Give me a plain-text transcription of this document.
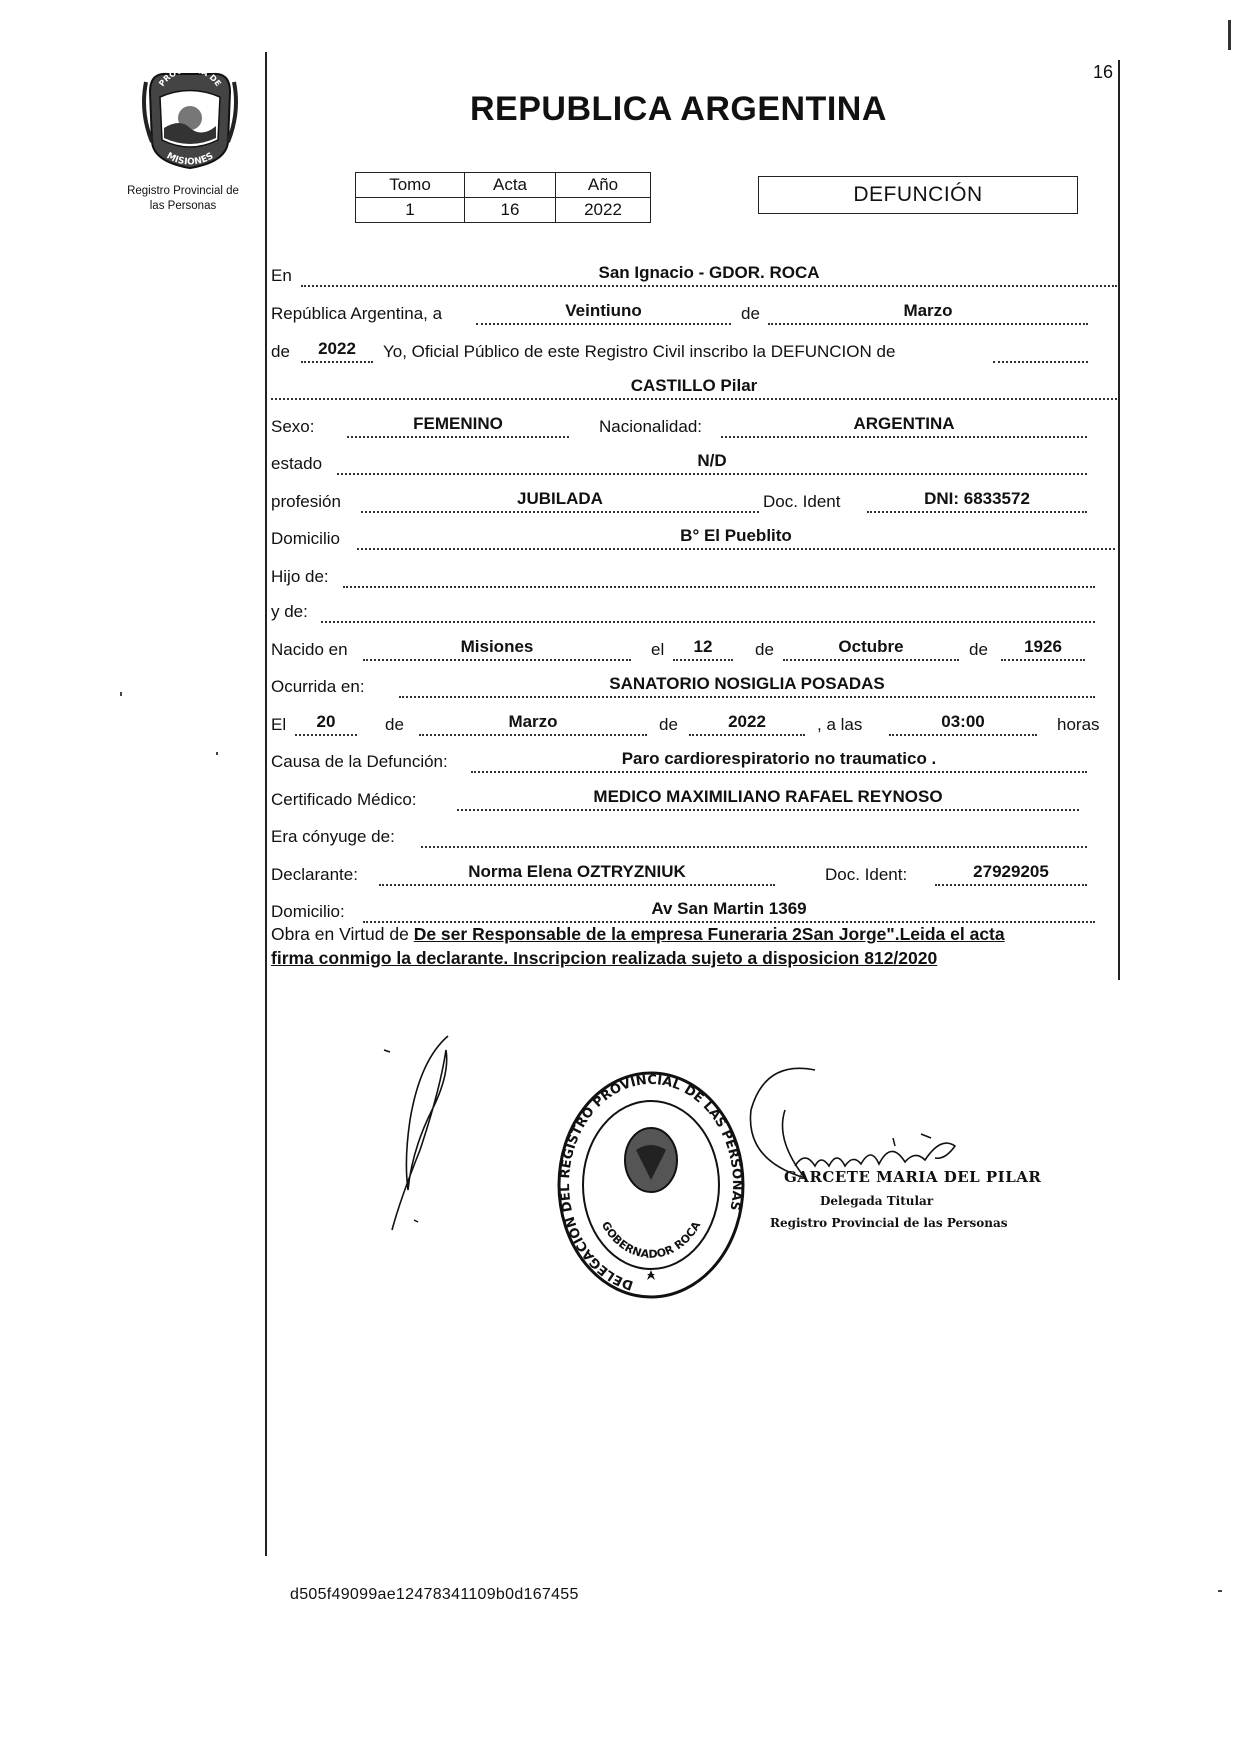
16
PROVINCIA DE
MISIONES
Registro Provincial de
las Personas
REPUBLICA ARGENTINA
Tomo	Acta	Año
1	16	2022
DEFUNCIÓN
En	San Ignacio - GDOR. ROCA
República Argentina, a	Veintiuno	de	Marzo
de	2022	Yo, Oficial Público de este Registro Civil inscribo la DEFUNCION de
CASTILLO Pilar
Sexo:	FEMENINO	Nacionalidad:	ARGENTINA
estado	N/D
profesión	JUBILADA	Doc. Ident	DNI: 6833572
Domicilio	B° El Pueblito
Hijo de:
y de:
Nacido en	Misiones	el	12	de	Octubre	de	1926
Ocurrida en:	SANATORIO NOSIGLIA POSADAS
El	20	de	Marzo	de	2022	, a las	03:00	horas
Causa de la Defunción:	Paro cardiorespiratorio no traumatico .
Certificado Médico:	MEDICO MAXIMILIANO RAFAEL REYNOSO
Era cónyuge de:
Declarante:	Norma Elena OZTRYZNIUK	Doc. Ident:	27929205
Domicilio:	Av San Martin 1369
Obra en Virtud de De ser Responsable de la empresa Funeraria 2San Jorge".Leida el acta
firma conmigo la declarante. Inscripcion realizada sujeto a disposicion 812/2020
DELEGACION DEL REGISTRO PROVINCIAL DE LAS PERSONAS
GOBERNADOR ROCA
GARCETE MARIA DEL PILAR
Delegada Titular
Registro Provincial de las Personas
d505f49099ae12478341109b0d167455
